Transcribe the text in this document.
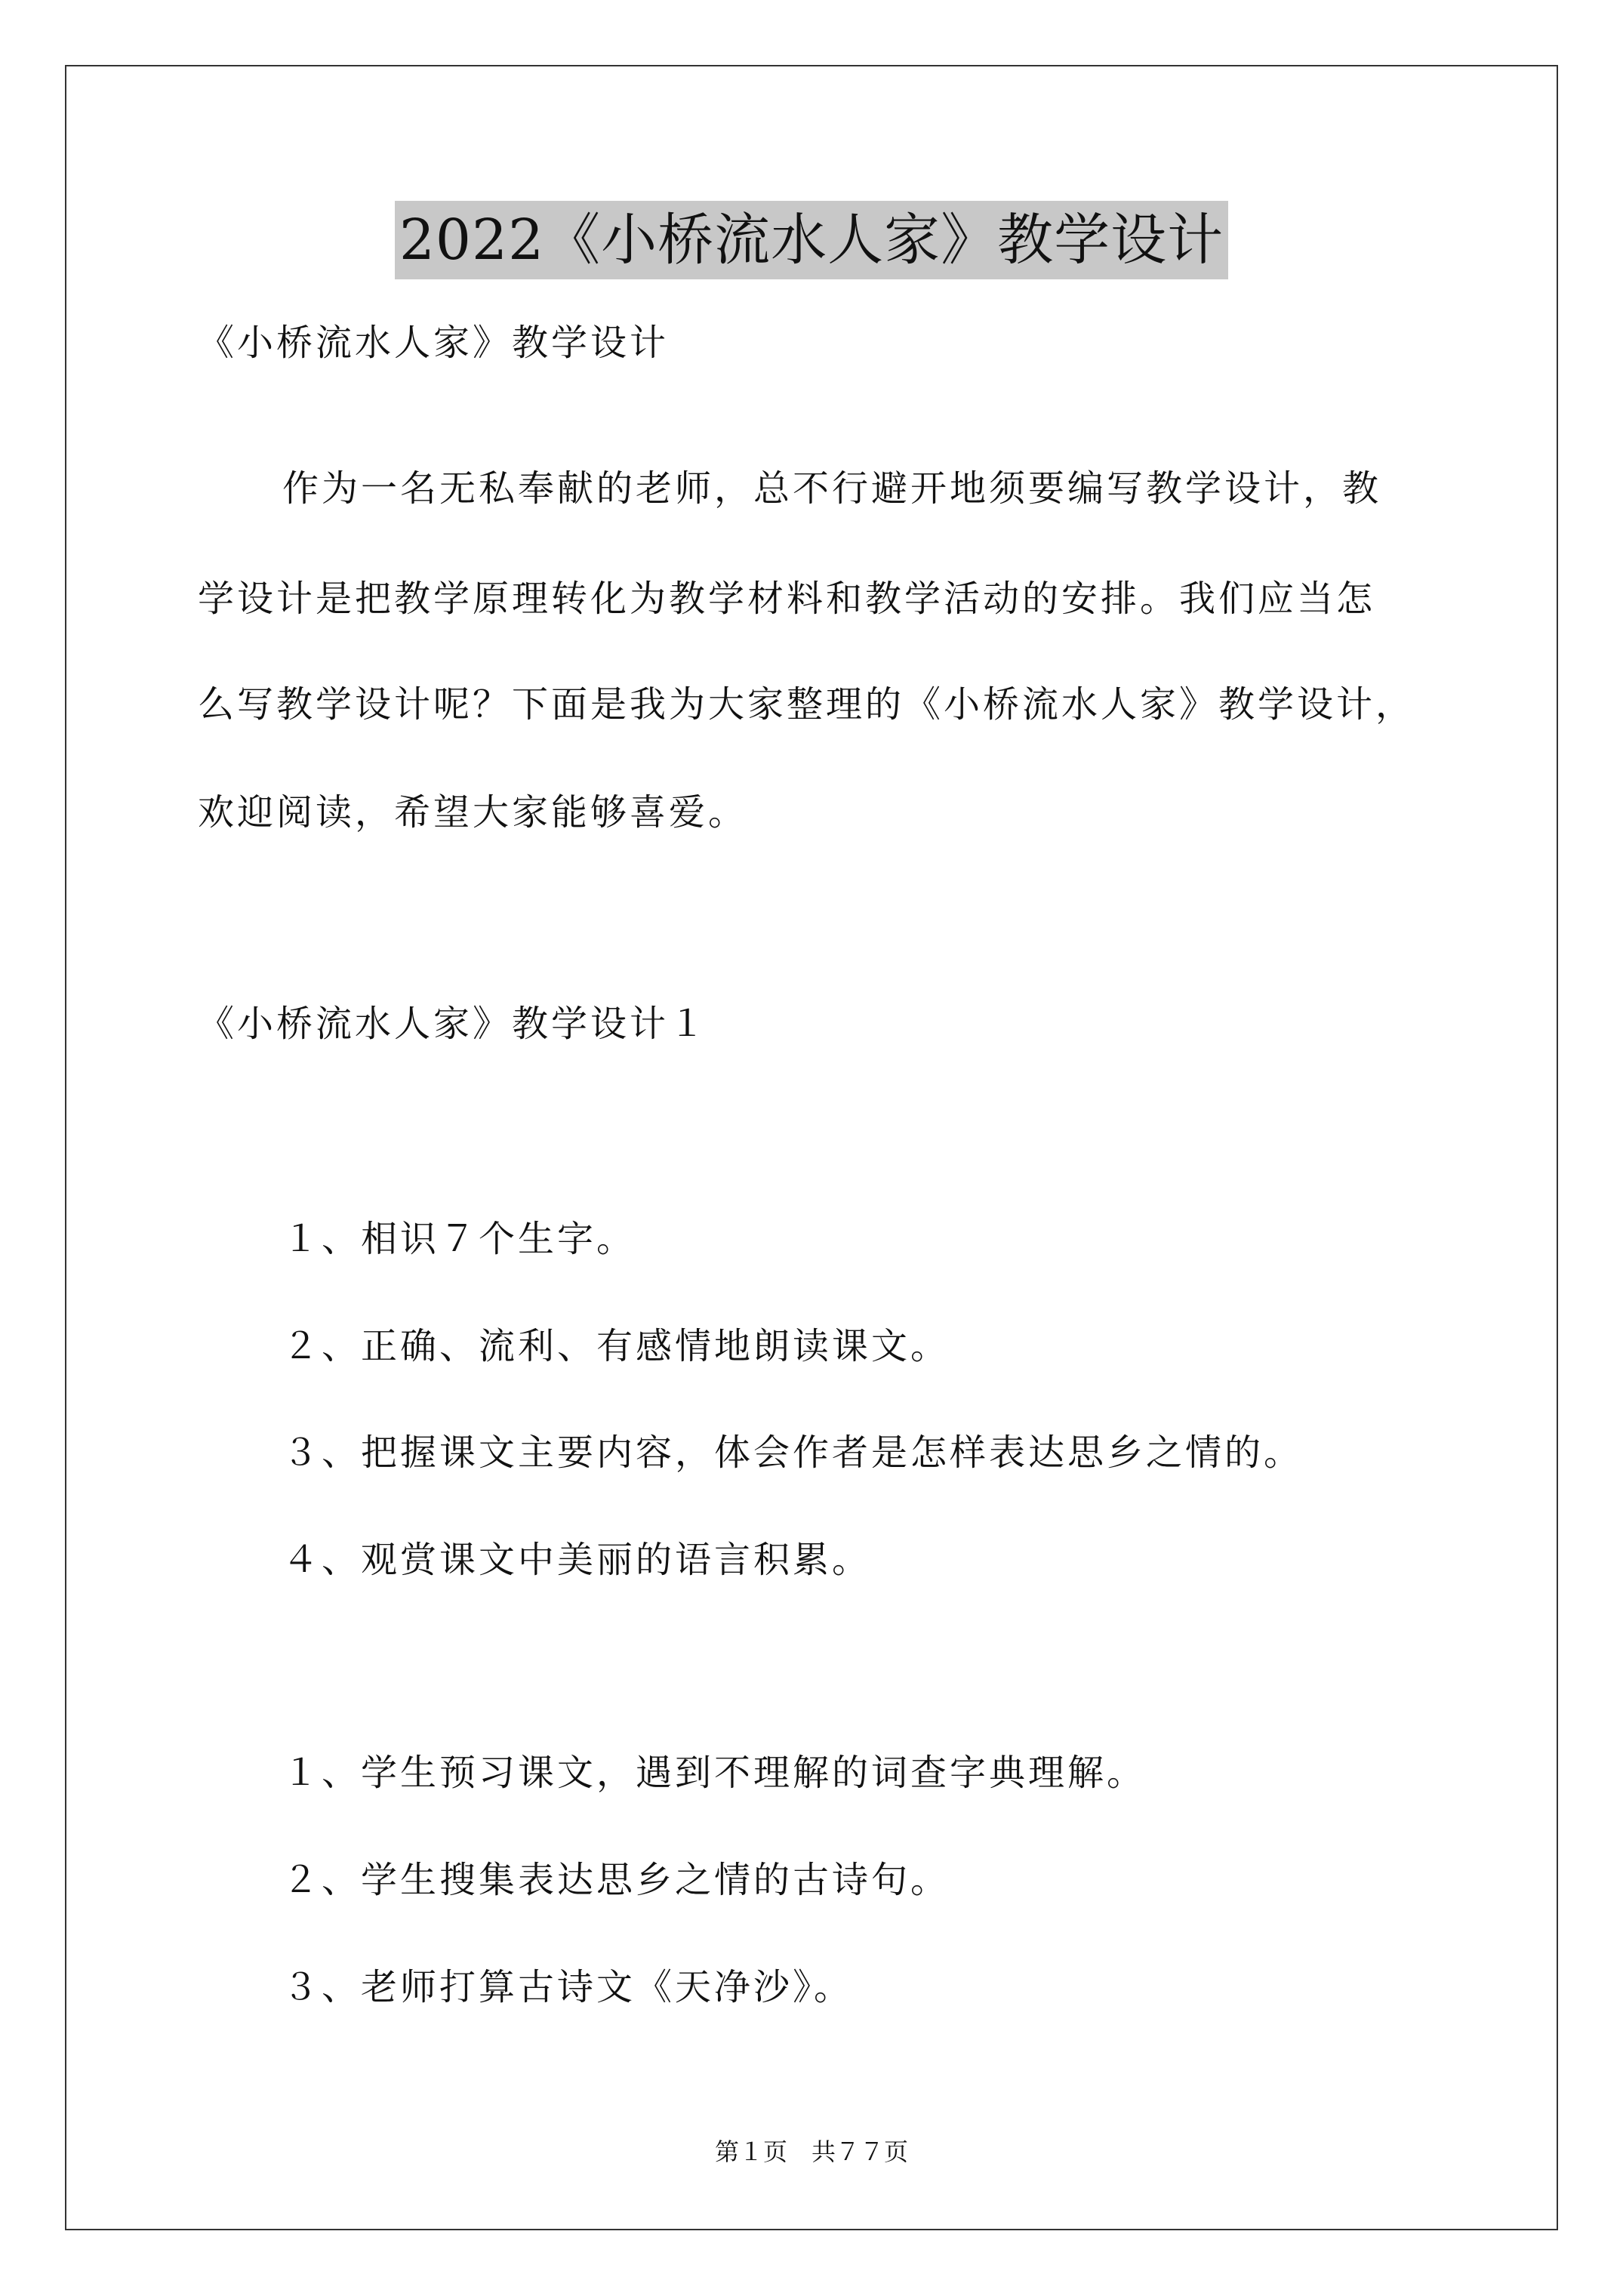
2022《小桥流水人家》教学设计
《小桥流水人家》教学设计
作为一名无私奉献的老师，总不行避开地须要编写教学设计，教
学设计是把教学原理转化为教学材料和教学活动的安排。我们应当怎
么写教学设计呢？下面是我为大家整理的《小桥流水人家》教学设计，
欢迎阅读，希望大家能够喜爱。
《小桥流水人家》教学设计１
１、相识７个生字。
２、正确、流利、有感情地朗读课文。
３、把握课文主要内容，体会作者是怎样表达思乡之情的。
４、观赏课文中美丽的语言积累。
１、学生预习课文，遇到不理解的词查字典理解。
２、学生搜集表达思乡之情的古诗句。
３、老师打算古诗文《天净沙》。
第１页　共７７页
